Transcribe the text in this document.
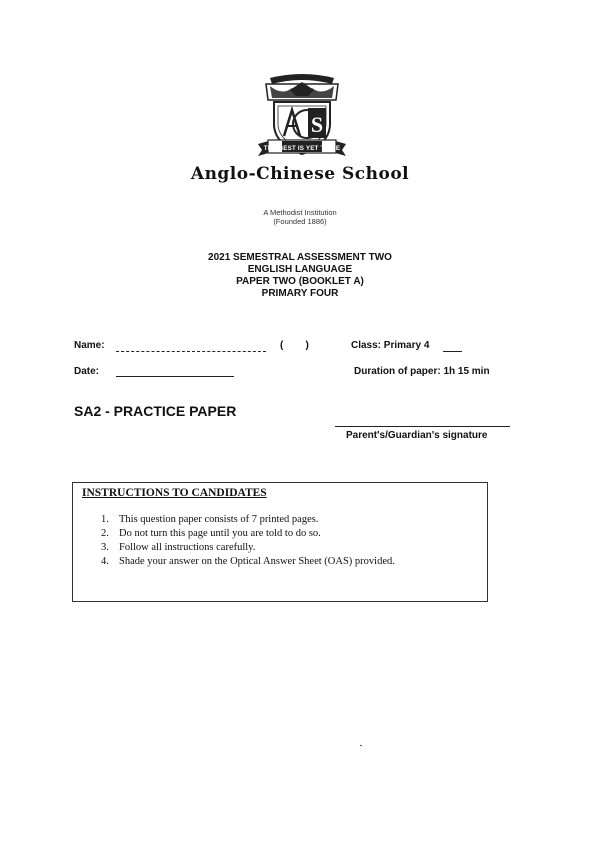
S
THE BEST IS YET TO BE
Anglo-Chinese School
A Methodist Institution
(Founded 1886)
2021 SEMESTRAL ASSESSMENT TWO
ENGLISH LANGUAGE
PAPER TWO (BOOKLET A)
PRIMARY FOUR
Name:	(        )	Class: Primary 4
Date:	Duration of paper: 1h 15 min
SA2 - PRACTICE PAPER
Parent's/Guardian's signature
INSTRUCTIONS TO CANDIDATES
1. This question paper consists of 7 printed pages.
2. Do not turn this page until you are told to do so.
3. Follow all instructions carefully.
4. Shade your answer on the Optical Answer Sheet (OAS) provided.
